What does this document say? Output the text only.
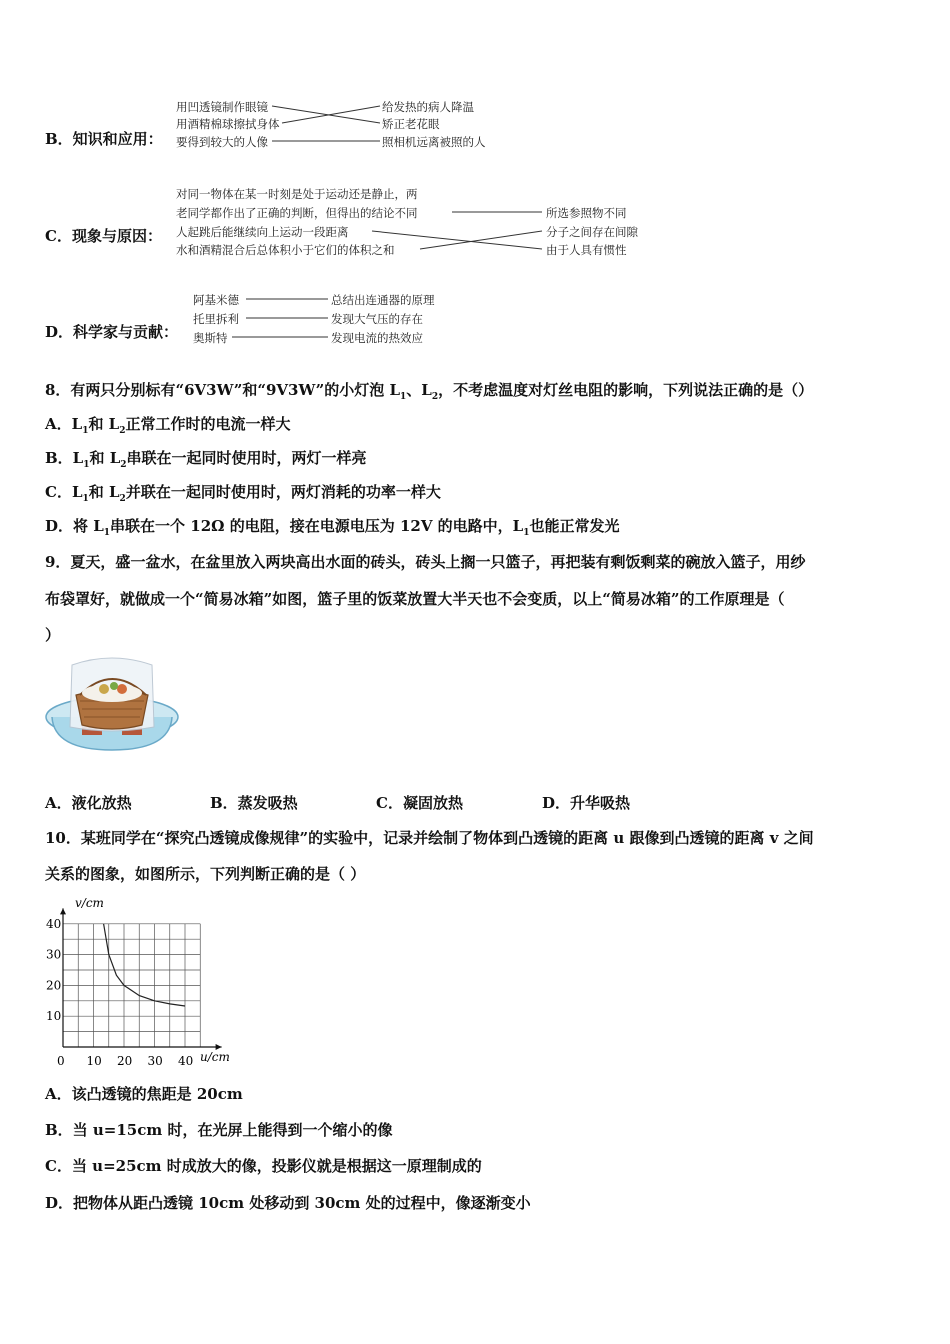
B．知识和应用：
用凹透镜制作眼镜
用酒精棉球擦拭身体
要得到较大的人像
给发热的病人降温
矫正老花眼
照相机远离被照的人
C．现象与原因：
对同一物体在某一时刻是处于运动还是静止，两
老同学都作出了正确的判断，但得出的结论不同
人起跳后能继续向上运动一段距离
水和酒精混合后总体积小于它们的体积之和
所选参照物不同
分子之间存在间隙
由于人具有惯性
D．科学家与贡献：
阿基米德
托里拆利
奥斯特
总结出连通器的原理
发现大气压的存在
发现电流的热效应
8．有两只分别标有“6V3W”和“9V3W”的小灯泡 $L_1$、$L_2$，不考虑温度对灯丝电阻的影响，下列说法正确的是（）
A．$L_1$和 $L_2$正常工作时的电流一样大
B．$L_1$和 $L_2$串联在一起同时使用时，两灯一样亮
C．$L_1$和 $L_2$并联在一起同时使用时，两灯消耗的功率一样大
D．将 $L_1$串联在一个 12Ω 的电阻，接在电源电压为 12V 的电路中，$L_1$也能正常发光
9．夏天，盛一盆水，在盆里放入两块高出水面的砖头，砖头上搁一只篮子，再把装有剩饭剩菜的碗放入篮子，用纱
布袋罩好，就做成一个“简易冰箱”如图，篮子里的饭菜放置大半天也不会变质，以上“简易冰箱”的工作原理是（
）
A．液化放热	B．蒸发吸热	C．凝固放热	D．升华吸热
10．某班同学在“探究凸透镜成像规律”的实验中，记录并绘制了物体到凸透镜的距离 u 跟像到凸透镜的距离 v 之间
关系的图象，如图所示，下列判断正确的是（ ）
0 10 20 30 40
10
20
30
40
v/cm
u/cm
A．该凸透镜的焦距是 20cm
B．当 u=15cm 时，在光屏上能得到一个缩小的像
C．当 u=25cm 时成放大的像，投影仪就是根据这一原理制成的
D．把物体从距凸透镜 10cm 处移动到 30cm 处的过程中，像逐渐变小
